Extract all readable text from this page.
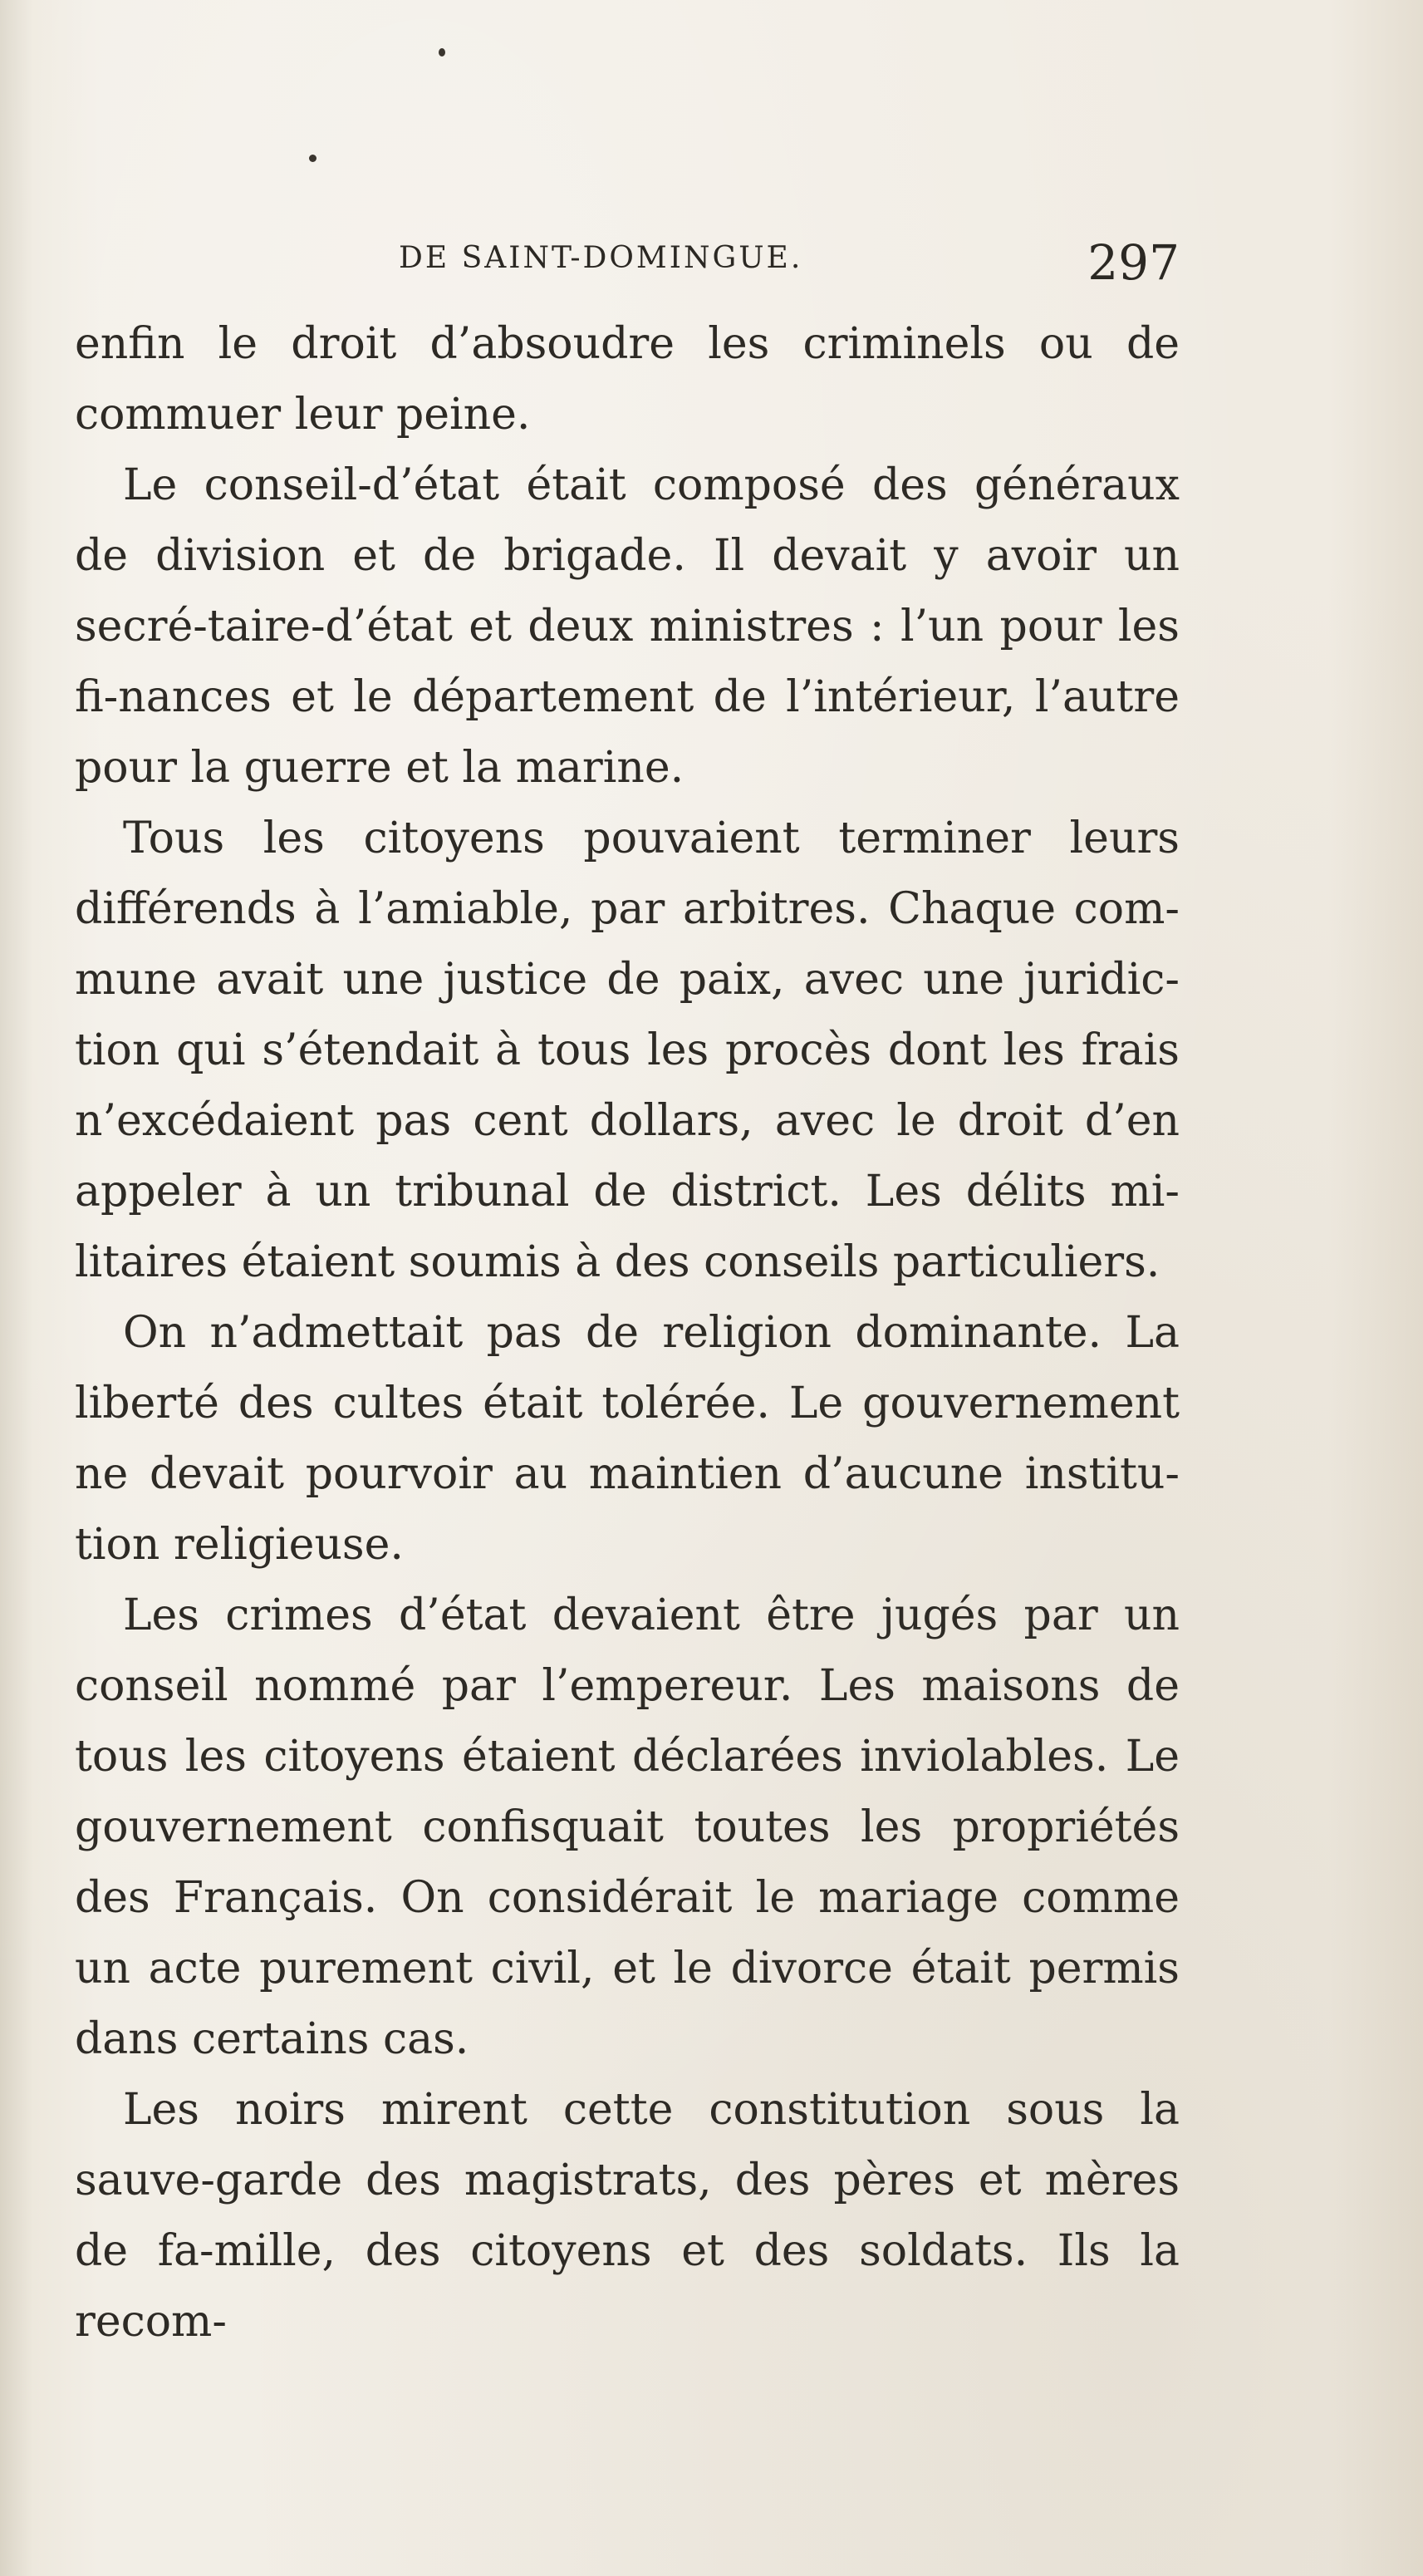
DE SAINT-DOMINGUE.	297

enfin le droit d’absoudre les criminels ou de commuer leur peine.

Le conseil-d’état était composé des généraux de division et de brigade. Il devait y avoir un secré-taire-d’état et deux ministres : l’un pour les fi-nances et le département de l’intérieur, l’autre pour la guerre et la marine.

Tous les citoyens pouvaient terminer leurs différends à l’amiable, par arbitres. Chaque com-mune avait une justice de paix, avec une juridic-tion qui s’étendait à tous les procès dont les frais n’excédaient pas cent dollars, avec le droit d’en appeler à un tribunal de district. Les délits mi-litaires étaient soumis à des conseils particuliers.

On n’admettait pas de religion dominante. La liberté des cultes était tolérée. Le gouvernement ne devait pourvoir au maintien d’aucune institu-tion religieuse.

Les crimes d’état devaient être jugés par un conseil nommé par l’empereur. Les maisons de tous les citoyens étaient déclarées inviolables. Le gouvernement confisquait toutes les propriétés des Français. On considérait le mariage comme un acte purement civil, et le divorce était permis dans certains cas.

Les noirs mirent cette constitution sous la sauve-garde des magistrats, des pères et mères de fa-mille, des citoyens et des soldats. Ils la recom-
